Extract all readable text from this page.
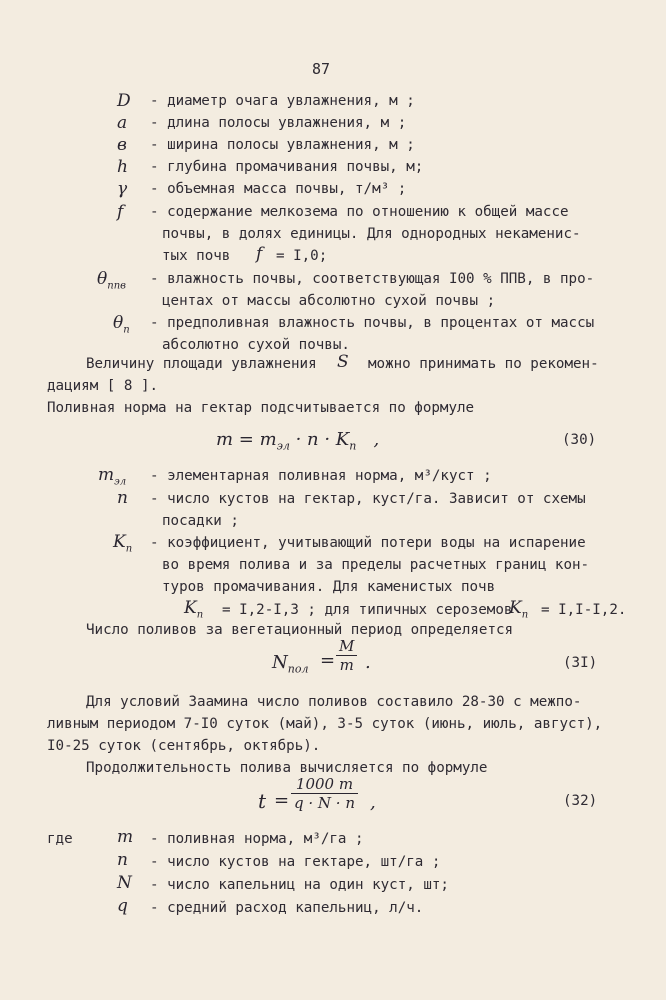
87
D - диаметр очага увлажнения, м ;
a - длина полосы увлажнения, м ;
в - ширина полосы увлажнения, м ;
h - глубина промачивания почвы, м;
γ - объемная масса почвы, т/м³ ;
f - содержание мелкозема по отношению к общей массе
почвы, в долях единицы. Для однородных некаменис-
тых почв f = I,0;
$\theta_{ппв}$ - влажность почвы, соответствующая I00 % ППВ, в про-
центах от массы абсолютно сухой почвы ;
$\theta_п$ - предполивная влажность почвы, в процентах от массы
абсолютно сухой почвы.
Величину площади увлажнения S можно принимать по рекомен-
дациям [ 8 ].
Поливная норма на гектар подсчитывается по формуле
$m = m_{эл} \cdot n \cdot K_п$   ,	(30)
$m_{эл}$ - элементарная поливная норма, м³/куст ;
n - число кустов на гектар, куст/га. Зависит от схемы
посадки ;
$K_п$ - коэффициент, учитывающий потери воды на испарение
во время полива и за пределы расчетных границ кон-
туров промачивания. Для каменистых почв
$K_п = I,2-I,3$ ; для типичных сероземов
$K_п = I,I-I,2$.
Число поливов за вегетационный период определяется
$N_{пол}$ =
M
m .	(3I)
Для условий Заамина число поливов составило 28-30 с межпо-
ливным периодом 7-I0 суток (май), 3-5 суток (июнь, июль, август),
I0-25 суток (сентябрь, октябрь).
Продолжительность полива вычисляется по формуле
t =
1000 m
q · N · n ,	(32)
где	m - поливная норма, м³/га ;
n - число кустов на гектаре, шт/га ;
N - число капельниц на один куст, шт;
q - средний расход капельниц, л/ч.
